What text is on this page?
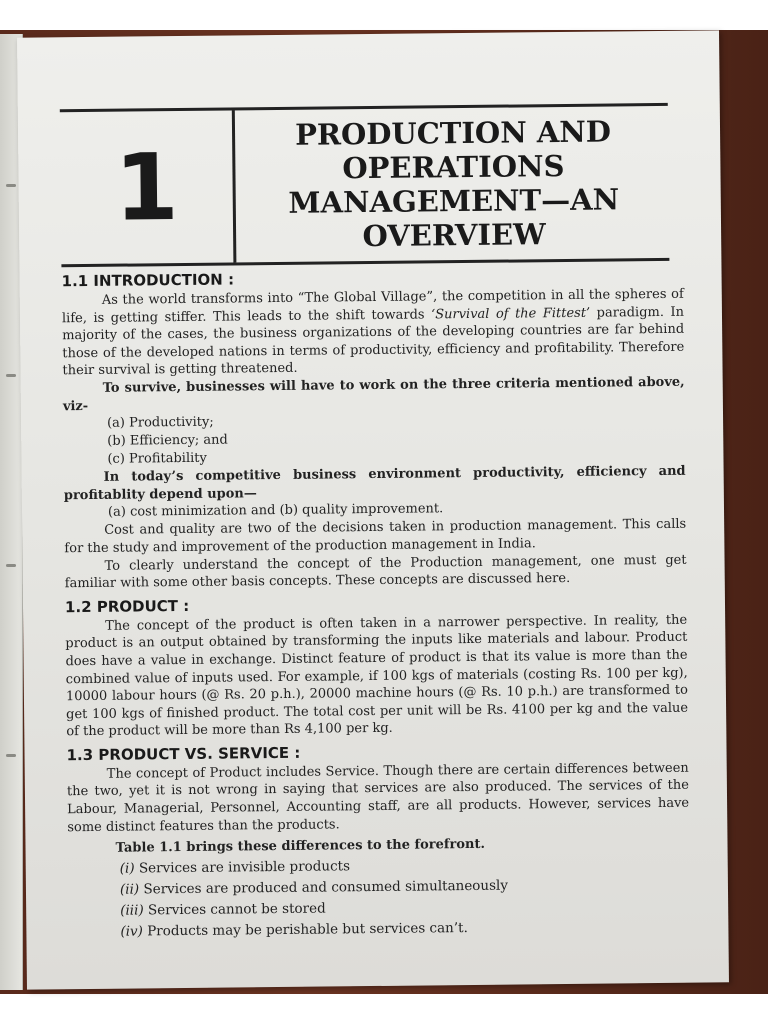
1
PRODUCTION AND OPERATIONS MANAGEMENT—AN OVERVIEW
1.1 INTRODUCTION :

As the world transforms into “The Global Village”, the competition in all the spheres of life, is getting stiffer. This leads to the shift towards ‘Survival of the Fittest’ paradigm. In majority of the cases, the business organizations of the developing countries are far behind those of the developed nations in terms of productivity, efficiency and profitability. Therefore their survival is getting threatened.

To survive, businesses will have to work on the three criteria mentioned above, viz-

(a) Productivity;
(b) Efficiency; and
(c) Profitability

In today’s competitive business environment productivity, efficiency and profitablity depend upon—

(a) cost minimization and (b) quality improvement.

Cost and quality are two of the decisions taken in production management. This calls for the study and improvement of the production management in India.

To clearly understand the concept of the Production management, one must get familiar with some other basis concepts. These concepts are discussed here.

1.2 PRODUCT :

The concept of the product is often taken in a narrower perspective. In reality, the product is an output obtained by transforming the inputs like materials and labour. Product does have a value in exchange. Distinct feature of product is that its value is more than the combined value of inputs used. For example, if 100 kgs of materials (costing Rs. 100 per kg), 10000 labour hours (@ Rs. 20 p.h.), 20000 machine hours (@ Rs. 10 p.h.) are transformed to get 100 kgs of finished product. The total cost per unit will be Rs. 4100 per kg and the value of the product will be more than Rs 4,100 per kg.

1.3 PRODUCT VS. SERVICE :

The concept of Product includes Service. Though there are certain differences between the two, yet it is not wrong in saying that services are also produced. The services of the Labour, Managerial, Personnel, Accounting staff, are all products. However, services have some distinct features than the products.

Table 1.1 brings these differences to the forefront.
(i) Services are invisible products
(ii) Services are produced and consumed simultaneously
(iii) Services cannot be stored
(iv) Products may be perishable but services can’t.
